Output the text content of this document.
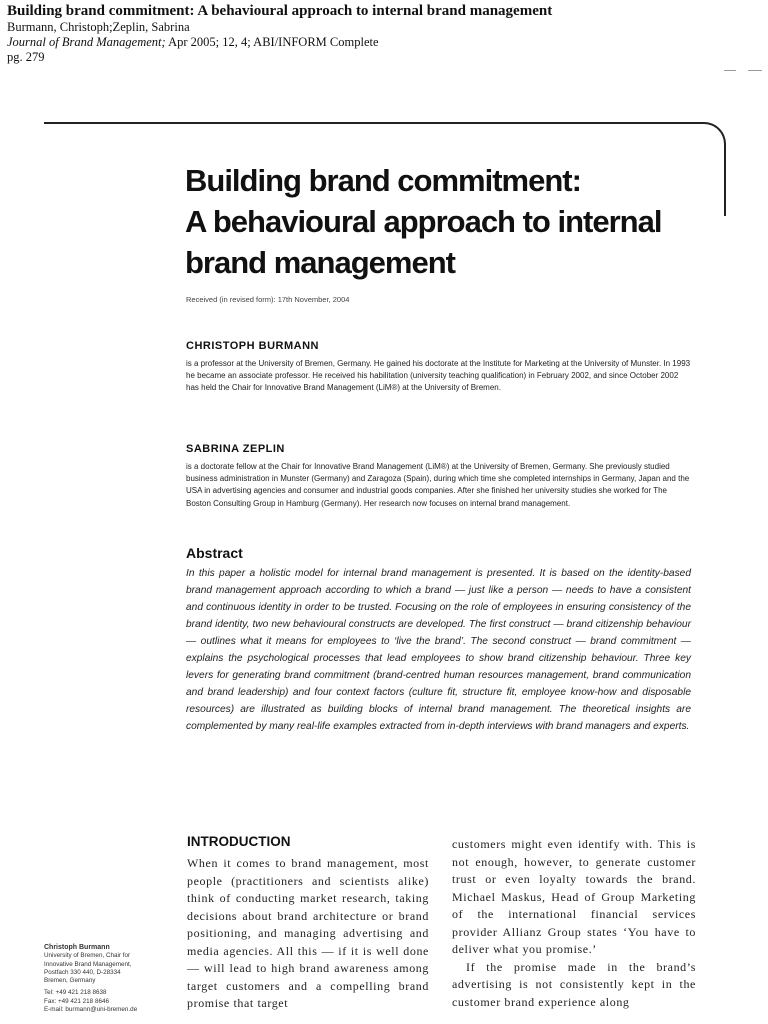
Building brand commitment: A behavioural approach to internal brand management
Burmann, Christoph;Zeplin, Sabrina
Journal of Brand Management; Apr 2005; 12, 4; ABI/INFORM Complete
pg. 279
Building brand commitment:
A behavioural approach to internal
brand management
Received (in revised form): 17th November, 2004
CHRISTOPH BURMANN

is a professor at the University of Bremen, Germany. He gained his doctorate at the Institute for Marketing at the University of Munster. In 1993 he became an associate professor. He received his habilitation (university teaching qualification) in February 2002, and since October 2002 has held the Chair for Innovative Brand Management (LiM®) at the University of Bremen.

SABRINA ZEPLIN

is a doctorate fellow at the Chair for Innovative Brand Management (LiM®) at the University of Bremen, Germany. She previously studied business administration in Munster (Germany) and Zaragoza (Spain), during which time she completed internships in Germany, Japan and the USA in advertising agencies and consumer and industrial goods companies. After she finished her university studies she worked for The Boston Consulting Group in Hamburg (Germany). Her research now focuses on internal brand management.

Abstract

In this paper a holistic model for internal brand management is presented. It is based on the identity-based brand management approach according to which a brand — just like a person — needs to have a consistent and continuous identity in order to be trusted. Focusing on the role of employees in ensuring consistency of the brand identity, two new behavioural constructs are developed. The first construct — brand citizenship behaviour — outlines what it means for employees to ‘live the brand’. The second construct — brand commitment — explains the psychological processes that lead employees to show brand citizenship behaviour. Three key levers for generating brand commitment (brand-centred human resources management, brand communication and brand leadership) and four context factors (culture fit, structure fit, employee know-how and disposable resources) are illustrated as building blocks of internal brand management. The theoretical insights are complemented by many real-life examples extracted from in-depth interviews with brand managers and experts.

INTRODUCTION

When it comes to brand management, most people (practitioners and scientists alike) think of conducting market research, taking decisions about brand architecture or brand positioning, and managing advertising and media agencies. All this — if it is well done — will lead to high brand awareness among target customers and a compelling brand promise that target

customers might even identify with. This is not enough, however, to generate customer trust or even loyalty towards the brand. Michael Maskus, Head of Group Marketing of the international financial services provider Allianz Group states ‘You have to deliver what you promise.’
If the promise made in the brand’s advertising is not consistently kept in the customer brand experience along
Christoph Burmann
University of Bremen, Chair for
Innovative Brand Management,
Postfach 330 440, D-28334
Bremen, Germany
Tel: +49 421 218 8638
Fax: +49 421 218 8646
E-mail: burmann@uni-bremen.de
